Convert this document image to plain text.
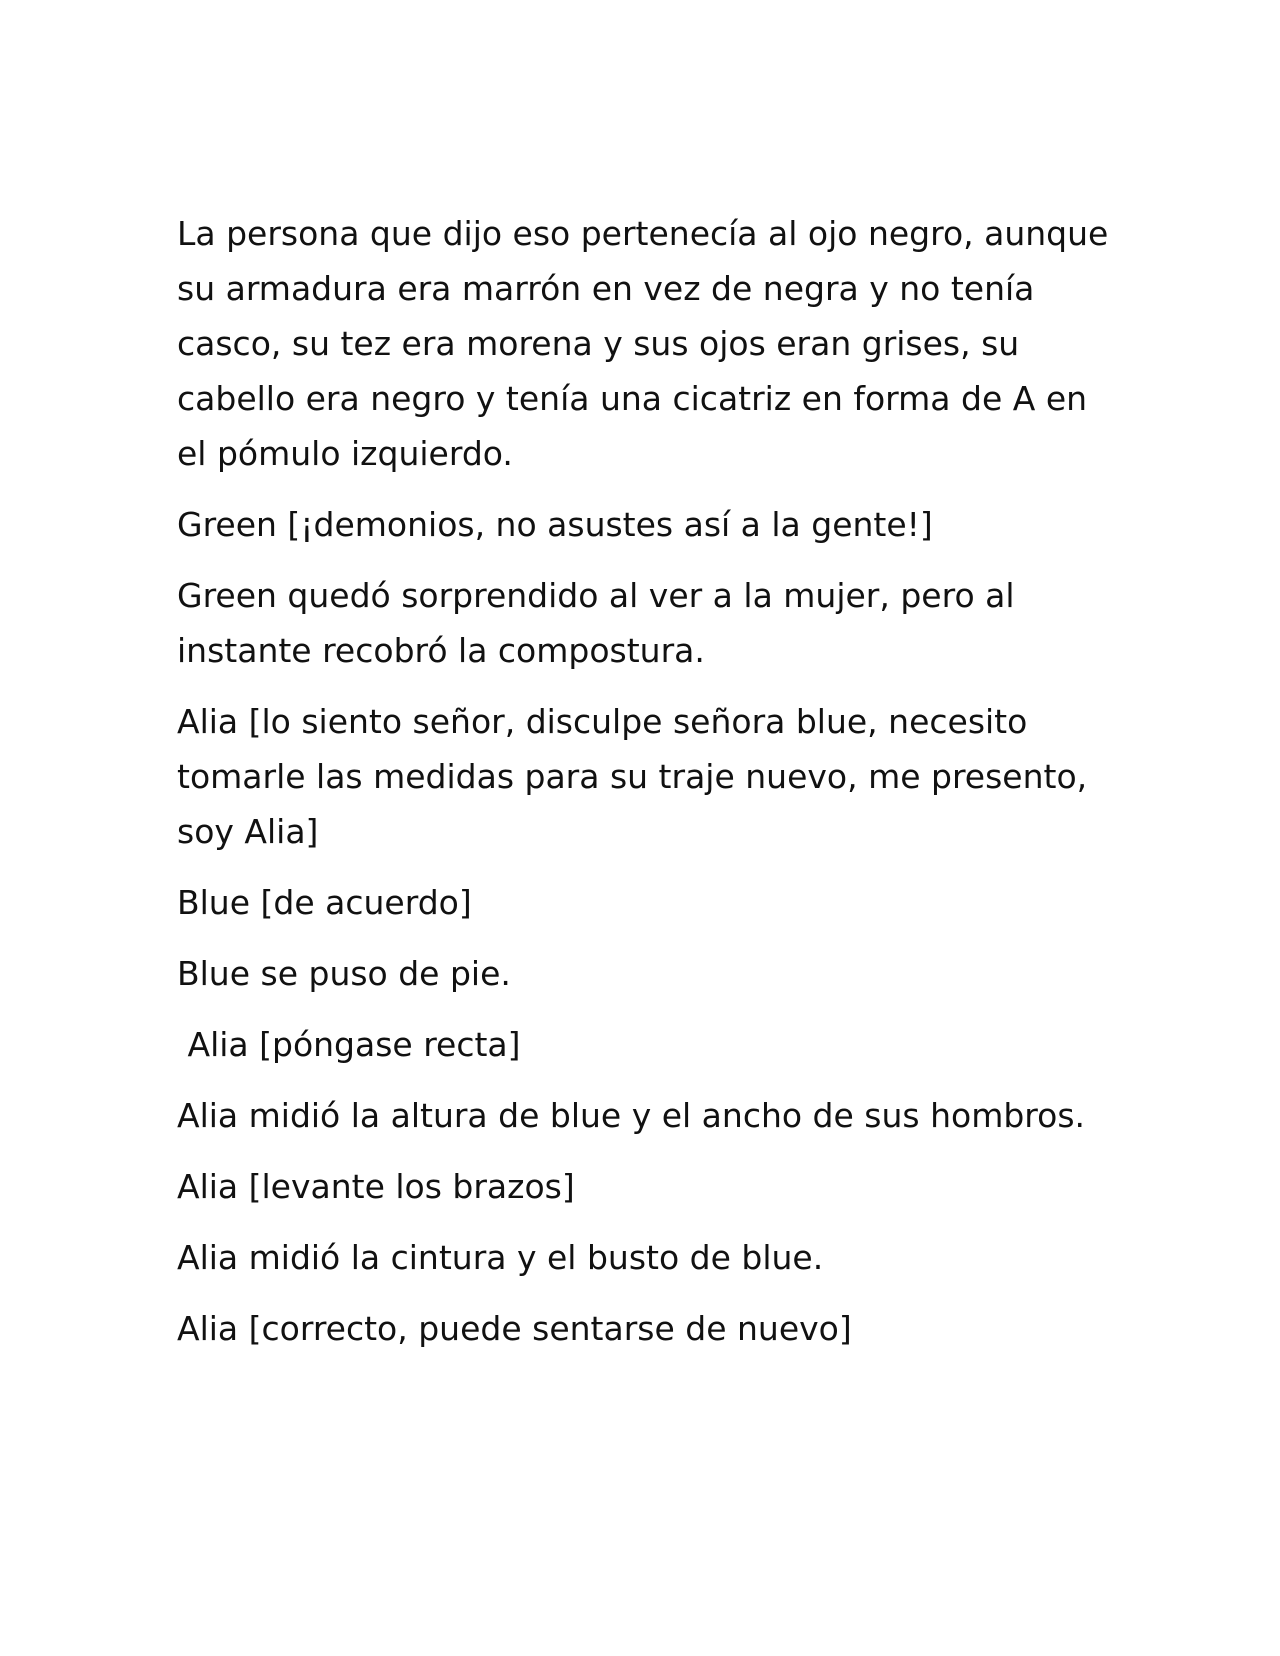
La persona que dijo eso pertenecía al ojo negro, aunque su armadura era marrón en vez de negra y no tenía casco, su tez era morena y sus ojos eran grises, su cabello era negro y tenía una cicatriz en forma de A en el pómulo izquierdo.

Green [¡demonios, no asustes así a la gente!]

Green quedó sorprendido al ver a la mujer, pero al instante recobró la compostura.

Alia [lo siento señor, disculpe señora blue, necesito tomarle las medidas para su traje nuevo, me presento, soy Alia]

Blue [de acuerdo]

Blue se puso de pie.

Alia [póngase recta]

Alia midió la altura de blue y el ancho de sus hombros.

Alia [levante los brazos]

Alia midió la cintura y el busto de blue.

Alia [correcto, puede sentarse de nuevo]
